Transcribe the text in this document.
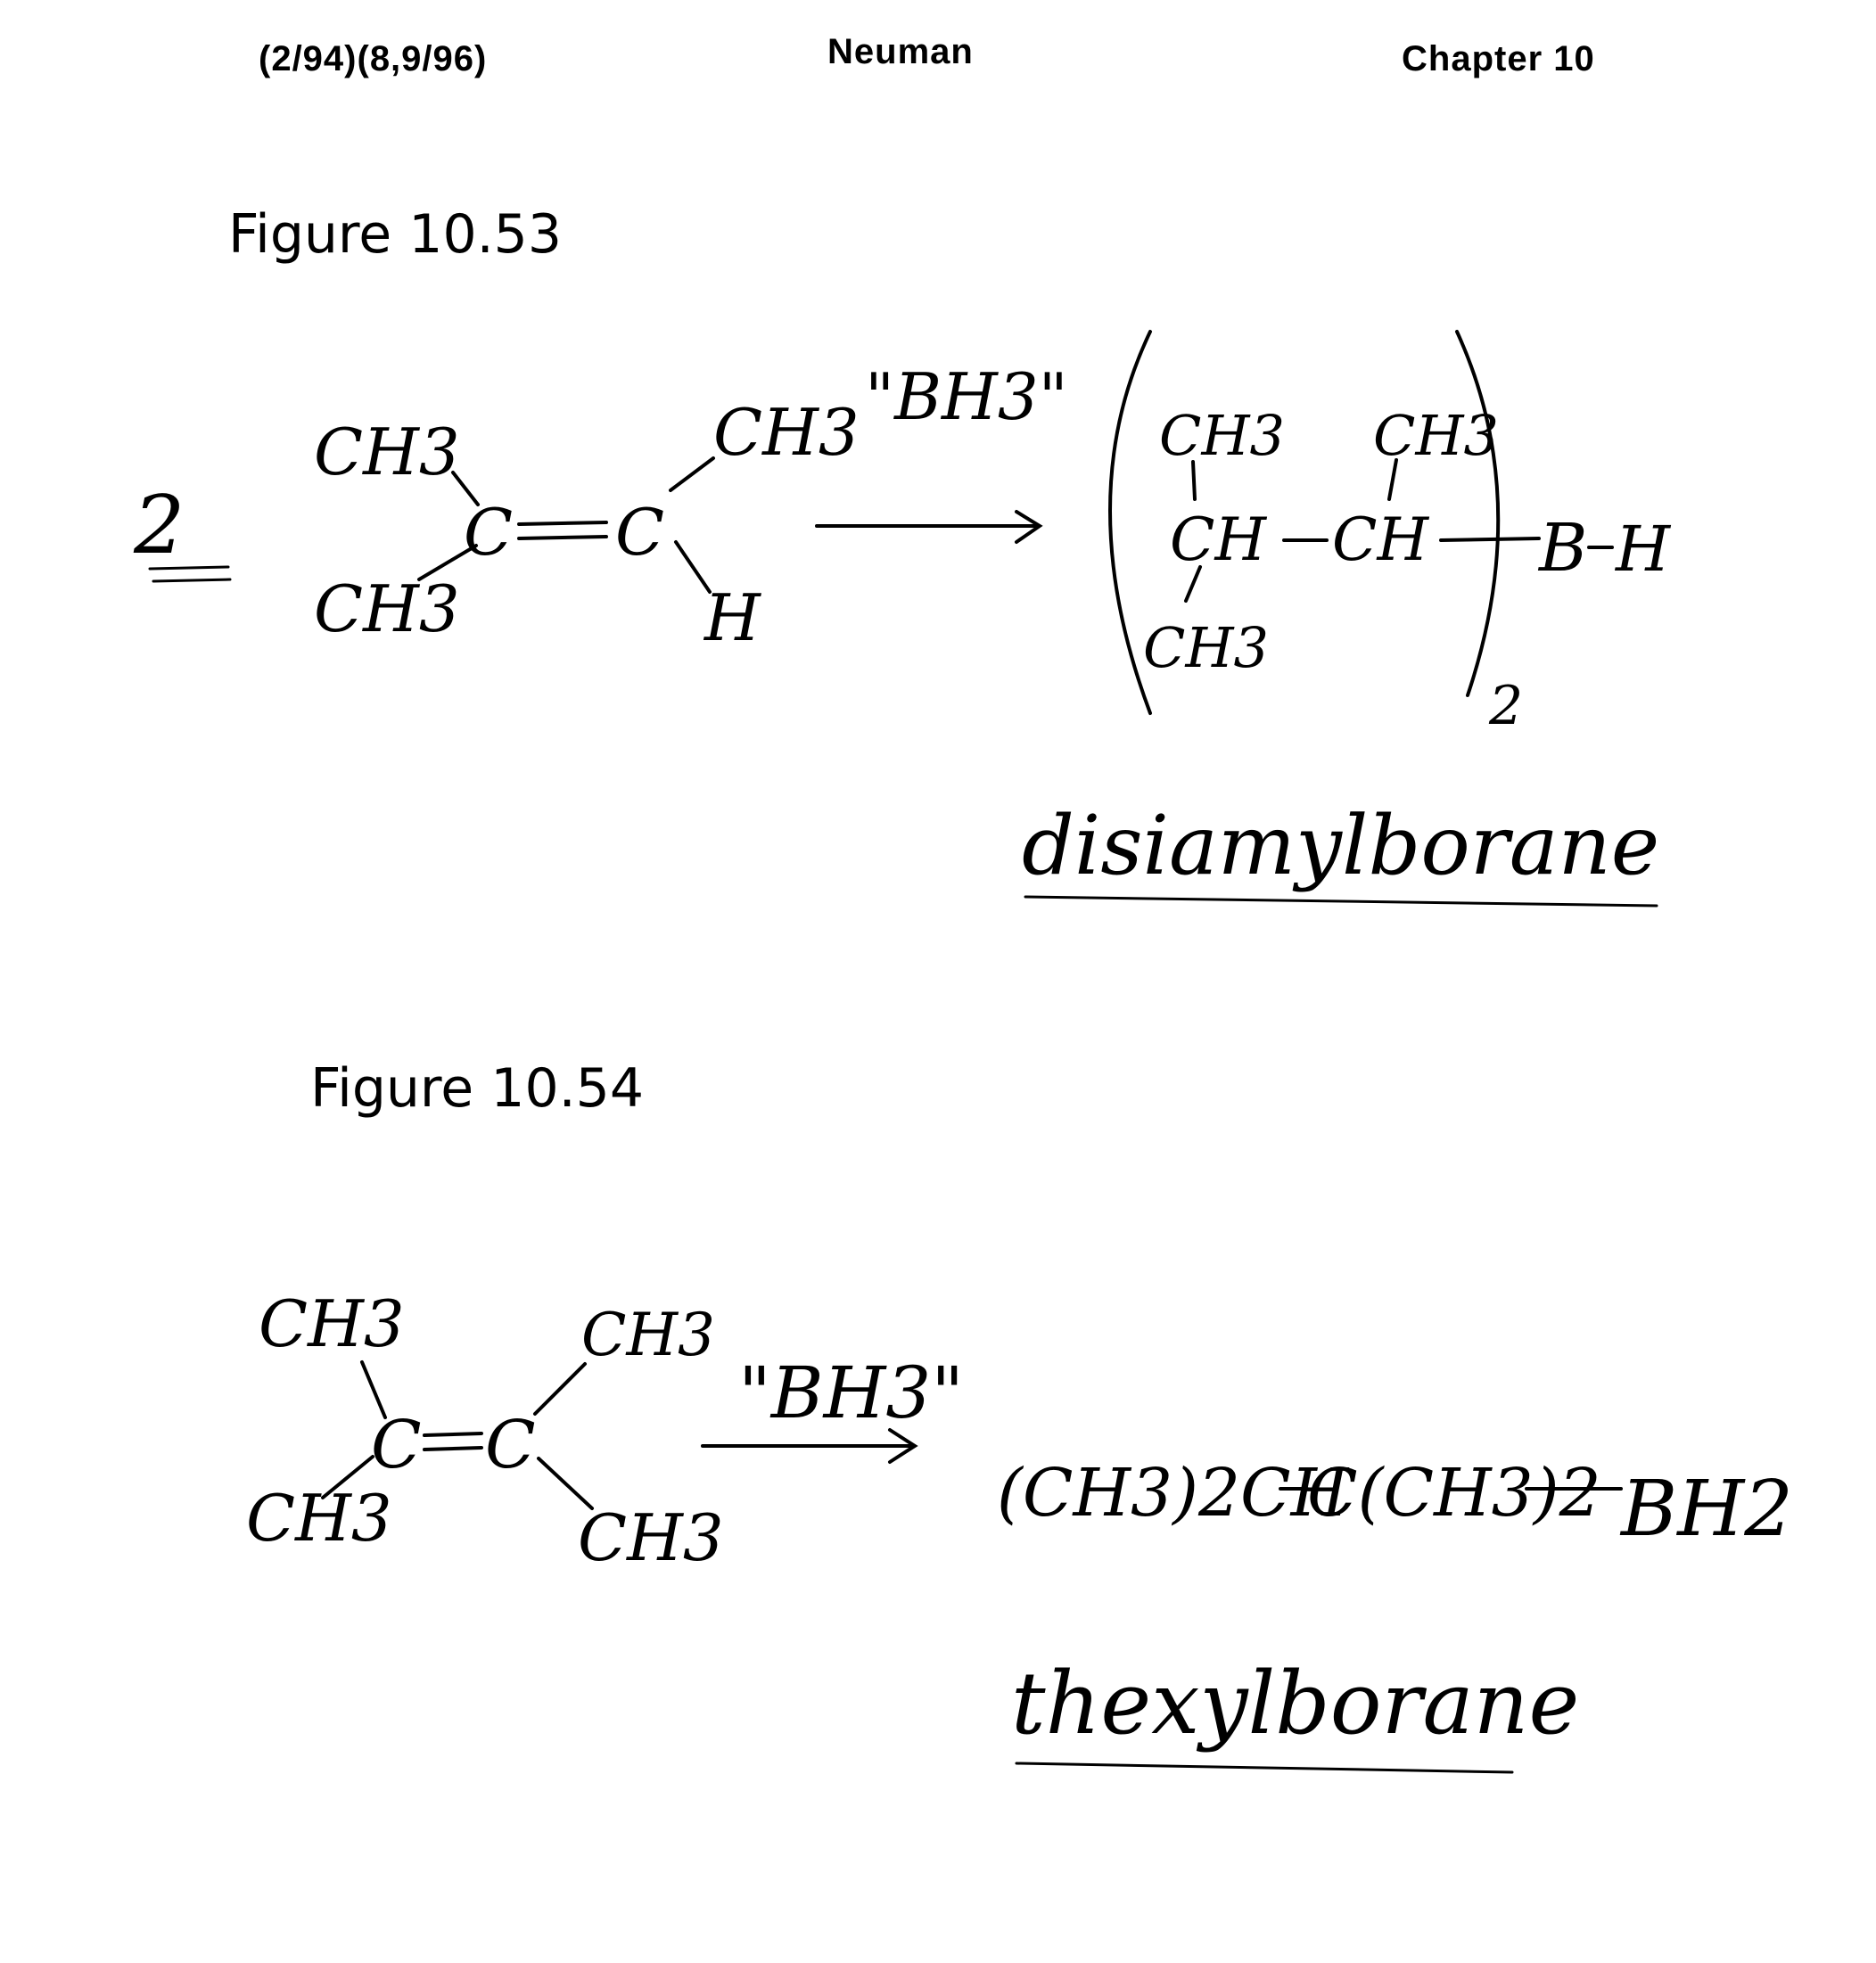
(2/94)(8,9/96)	Neuman	Chapter 10
Figure 10.53
Figure 10.54
2
CH3
CH3
C C
CH3
H
"BH3"
CH3 CH3
CH CH
CH3
B H
2
disiamylborane
CH3
CH3
C C
CH3
CH3
"BH3"
(CH3)2CH
C(CH3)2 BH2
thexylborane
